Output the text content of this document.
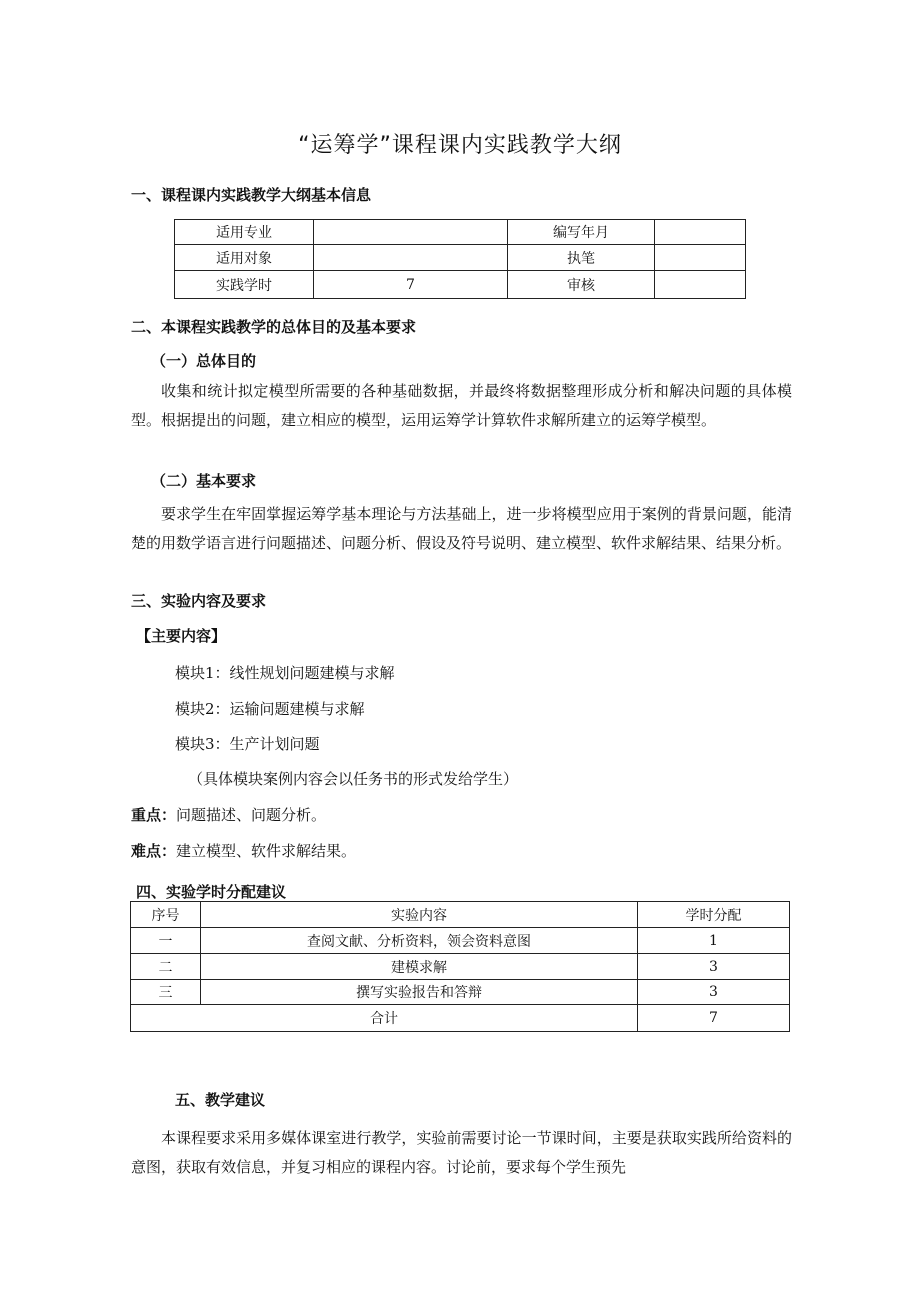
“运筹学”课程课内实践教学大纲
一、课程课内实践教学大纲基本信息
适用专业		编写年月	
适用对象		执笔	
实践学时	7	审核	
二、本课程实践教学的总体目的及基本要求
（一）总体目的
收集和统计拟定模型所需要的各种基础数据，并最终将数据整理形成分析和解决问题的具体模型。根据提出的问题，建立相应的模型，运用运筹学计算软件求解所建立的运筹学模型。
（二）基本要求
要求学生在牢固掌握运筹学基本理论与方法基础上，进一步将模型应用于案例的背景问题，能清楚的用数学语言进行问题描述、问题分析、假设及符号说明、建立模型、软件求解结果、结果分析。
三、实验内容及要求
【主要内容】
模块1：线性规划问题建模与求解
模块2：运输问题建模与求解
模块3：生产计划问题
（具体模块案例内容会以任务书的形式发给学生）
重点：问题描述、问题分析。
难点：建立模型、软件求解结果。
四、实验学时分配建议
序号	实验内容	学时分配
一	查阅文献、分析资料，领会资料意图	1
二	建模求解	3
三	撰写实验报告和答辩	3
合计		7
五、教学建议
本课程要求采用多媒体课室进行教学，实验前需要讨论一节课时间，主要是获取实践所给资料的意图，获取有效信息，并复习相应的课程内容。讨论前，要求每个学生预先
